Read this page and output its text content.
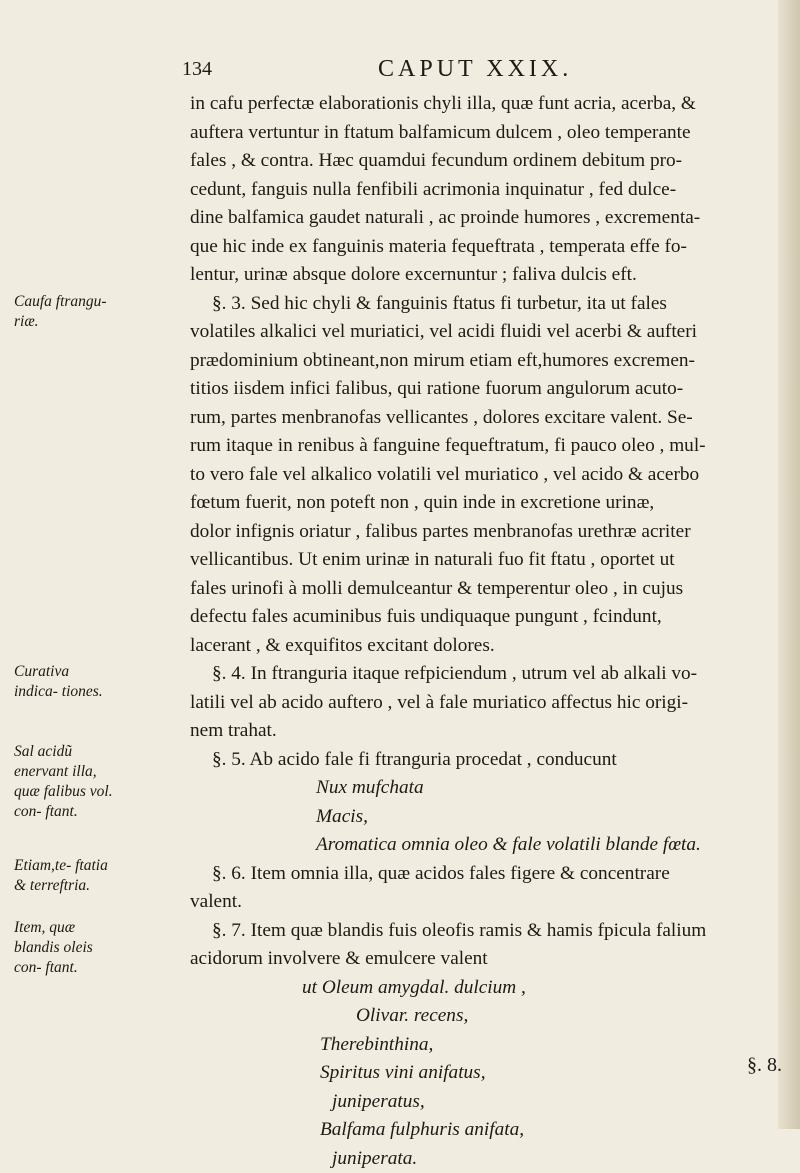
134	CAPUT XXIX.
in cafu perfectæ elaborationis chyli illa, quæ funt acria, acerba, &
auftera vertuntur in ftatum balfamicum dulcem , oleo temperante
fales , & contra. Hæc quamdui fecundum ordinem debitum pro-
cedunt, fanguis nulla fenfibili acrimonia inquinatur , fed dulce-
dine balfamica gaudet naturali , ac proinde humores , excrementa-
que hic inde ex fanguinis materia fequeftrata , temperata effe fo-
lentur, urinæ absque dolore excernuntur ; faliva dulcis eft.
§. 3. Sed hic chyli & fanguinis ftatus fi turbetur, ita ut fales
volatiles alkalici vel muriatici, vel acidi fluidi vel acerbi & aufteri
prædominium obtineant,non mirum etiam eft,humores excremen-
titios iisdem infici falibus, qui ratione fuorum angulorum acuto-
rum, partes menbranofas vellicantes , dolores excitare valent. Se-
rum itaque in renibus à fanguine fequeftratum, fi pauco oleo , mul-
to vero fale vel alkalico volatili vel muriatico , vel acido & acerbo
fœtum fuerit, non poteft non , quin inde in excretione urinæ,
dolor infignis oriatur , falibus partes menbranofas urethræ acriter
vellicantibus. Ut enim urinæ in naturali fuo fit ftatu , oportet ut
fales urinofi à molli demulceantur & temperentur oleo , in cujus
defectu fales acuminibus fuis undiquaque pungunt , fcindunt,
lacerant , & exquifitos excitant dolores.
§. 4. In ftranguria itaque refpiciendum , utrum vel ab alkali vo-
latili vel ab acido auftero , vel à fale muriatico affectus hic origi-
nem trahat.
§. 5. Ab acido fale fi ftranguria procedat , conducunt
Nux mufchata
Macis,
Aromatica omnia oleo & fale volatili blande fœta.
§. 6. Item omnia illa, quæ acidos fales figere & concentrare
valent.
§. 7. Item quæ blandis fuis oleofis ramis & hamis fpicula falium
acidorum involvere & emulcere valent
ut Oleum amygdal. dulcium ,
Olivar. recens,
Therebinthina,
Spiritus vini anifatus,
juniperatus,
Balfama fulphuris anifata,
juniperata.
Caufa ftrangu- riæ.
Curativa indica- tiones.
Sal acidũ enervant illa, quæ falibus vol. con- ftant.
Etiam,te- ftatia & terreftria.
Item, quæ blandis oleis con- ftant.
§. 8.
